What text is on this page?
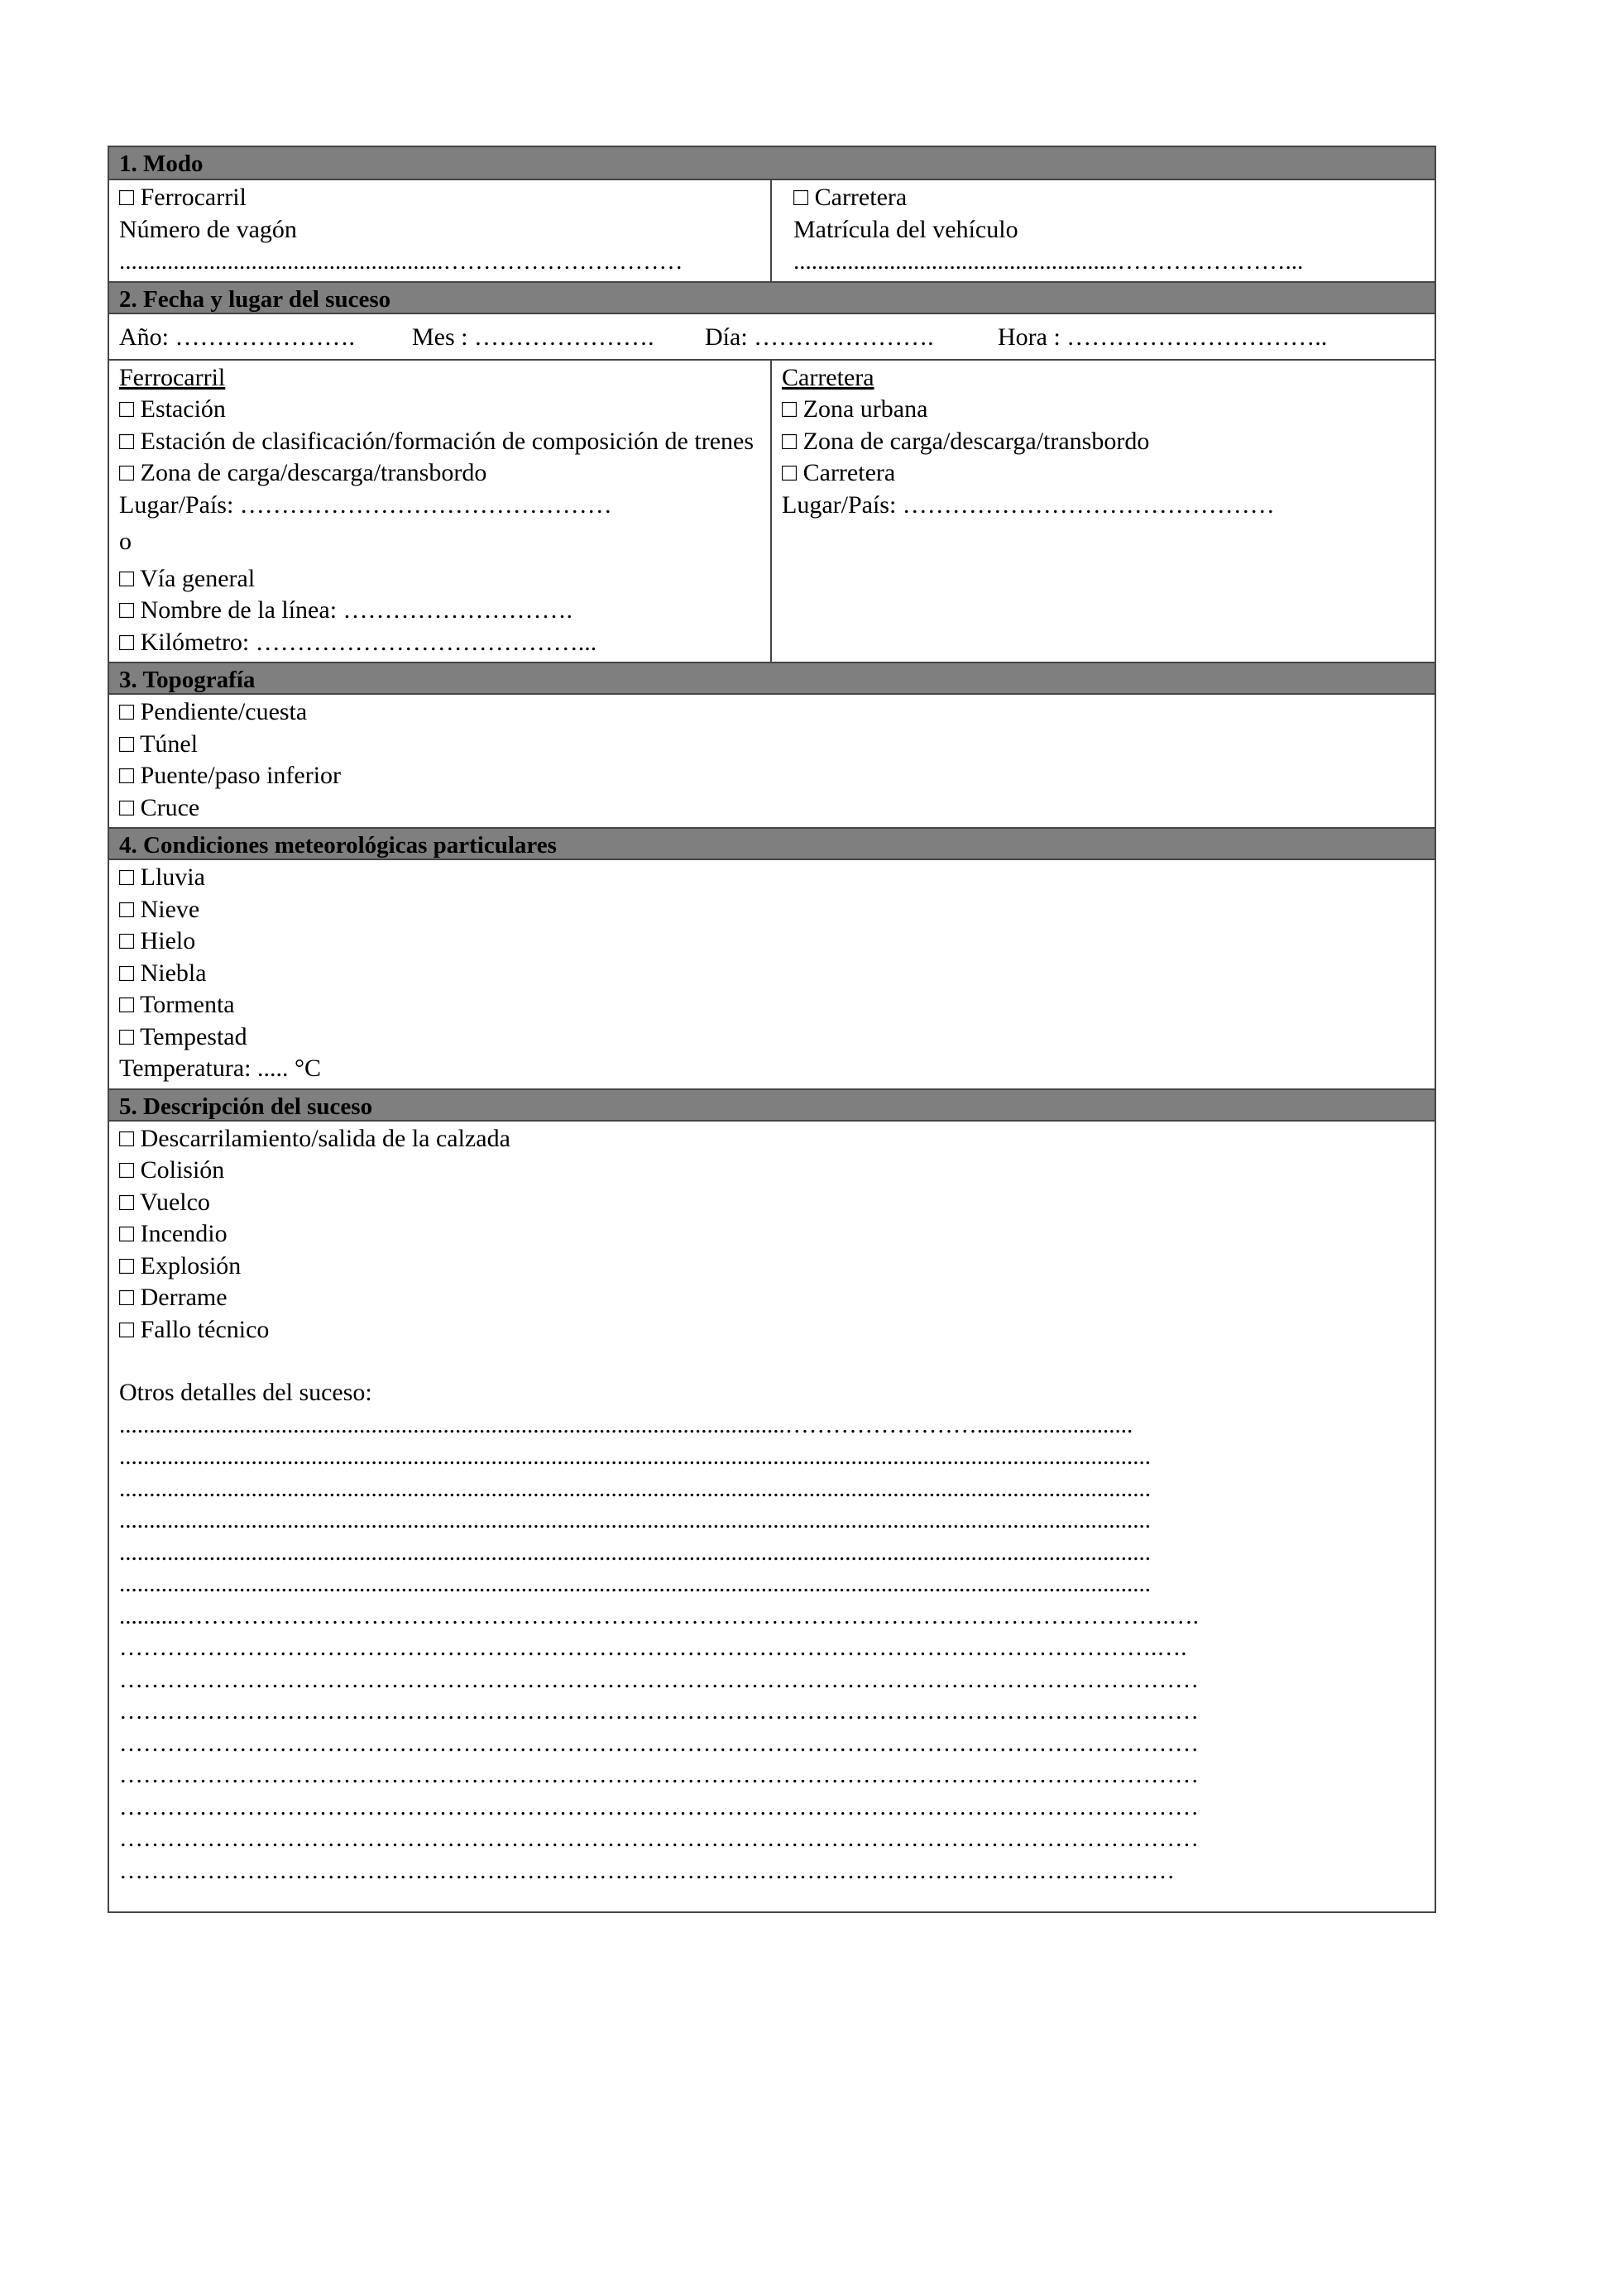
1. Modo
□ Ferrocarril
Número de vagón
......................................................…………………………
□ Carretera
Matrícula del vehículo
......................................................…………………...
2. Fecha y lugar del suceso
Año: …………………. Mes : …………………. Día: ………………….	Hora : …………………………..
Ferrocarril
□ Estación
□ Estación de clasificación/formación de composición de trenes
□ Zona de carga/descarga/transbordo
Lugar/País: ………………………………………
o
□ Vía general
□ Nombre de la línea: ……………………….
□ Kilómetro: …………………………………...
Carretera
□ Zona urbana
□ Zona de carga/descarga/transbordo
□ Carretera
Lugar/País: ………………………………………
3. Topografía
□ Pendiente/cuesta
□ Túnel
□ Puente/paso inferior
□ Cruce
4. Condiciones meteorológicas particulares
□ Lluvia
□ Nieve
□ Hielo
□ Niebla
□ Tormenta
□ Tempestad
Temperatura: ..... °C
5. Descripción del suceso
□ Descarrilamiento/salida de la calzada
□ Colisión
□ Vuelco
□ Incendio
□ Explosión
□ Derrame
□ Fallo técnico
Otros detalles del suceso:
...............................................................................................................……………………..........................
............................................................................................................................................................................
............................................................................................................................................................................
............................................................................................................................................................................
............................................................................................................................................................................
............................................................................................................................................................................
..........…………………………………………………………………………………………………………….….
………………………………………………………………………………………………………………….….
………………………………………………………………………………………………………………………
………………………………………………………………………………………………………………………
………………………………………………………………………………………………………………………
………………………………………………………………………………………………………………………
………………………………………………………………………………………………………………………
………………………………………………………………………………………………………………………
……………………………………………………………………………………………………………………
